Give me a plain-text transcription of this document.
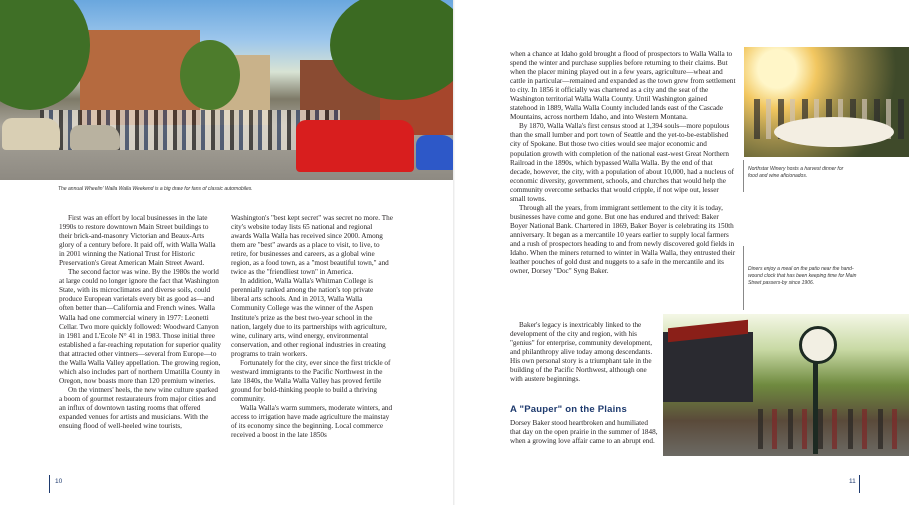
The annual Wheelin' Walla Walla Weekend is a big draw for fans of classic automobiles.

First was an effort by local businesses in the late 1990s to restore downtown Main Street buildings to their brick-and-masonry Victorian and Beaux-Arts glory of a century before. It paid off, with Walla Walla in 2001 winning the National Trust for Historic Preservation's Great American Main Street Award.

The second factor was wine. By the 1980s the world at large could no longer ignore the fact that Washington State, with its microclimates and diverse soils, could produce European varietals every bit as good as—and often better than—California and French wines. Walla Walla had one commercial winery in 1977: Leonetti Cellar. Two more quickly followed: Woodward Canyon in 1981 and L'Ecole N° 41 in 1983. Those initial three established a far-reaching reputation for superior quality that attracted other vintners—several from Europe—to the Walla Walla Valley appellation. The growing region, which also includes part of northern Umatilla County in Oregon, now boasts more than 120 premium wineries.

On the vintners' heels, the new wine culture sparked a boom of gourmet restaurateurs from major cities and an influx of downtown tasting rooms that offered expanded venues for artists and musicians. With the ensuing flood of well-heeled wine tourists,

Washington's "best kept secret" was secret no more. The city's website today lists 65 national and regional awards Walla Walla has received since 2000. Among them are "best" awards as a place to visit, to live, to retire, for businesses and careers, as a global wine region, as a food town, as a "most beautiful town," and twice as the "friendliest town" in America.

In addition, Walla Walla's Whitman College is perennially ranked among the nation's top private liberal arts schools. And in 2013, Walla Walla Community College was the winner of the Aspen Institute's prize as the best two-year school in the nation, largely due to its partnerships with agriculture, wine, culinary arts, wind energy, environmental conservation, and other regional industries in creating programs to train workers.

Fortunately for the city, ever since the first trickle of westward immigrants to the Pacific Northwest in the late 1840s, the Walla Walla Valley has proved fertile ground for bold-thinking people to build a thriving community.

Walla Walla's warm summers, moderate winters, and access to irrigation have made agriculture the mainstay of its economy since the beginning. Local commerce received a boost in the late 1850s

10

when a chance at Idaho gold brought a flood of prospectors to Walla Walla to spend the winter and purchase supplies before returning to their claims. But when the placer mining played out in a few years, agriculture—wheat and cattle in particular—remained and expanded as the town grew from settlement to city. In 1856 it officially was chartered as a city and the seat of the Washington territorial Walla Walla County. Until Washington gained statehood in 1889, Walla Walla County included lands east of the Cascade Mountains, across northern Idaho, and into Western Montana.

By 1870, Walla Walla's first census stood at 1,394 souls—more populous than the small lumber and port town of Seattle and the yet-to-be-established city of Spokane. But those two cities would see major economic and population growth with completion of the national east-west Great Northern Railroad in the 1890s, which bypassed Walla Walla. By the end of that decade, however, the city, with a population of about 10,000, had a nucleus of economic diversity, government, schools, and churches that would help the community overcome setbacks that would cripple, if not wipe out, lesser small towns.

Through all the years, from immigrant settlement to the city it is today, businesses have come and gone. But one has endured and thrived: Baker Boyer National Bank. Chartered in 1869, Baker Boyer is celebrating its 150th anniversary. It began as a mercantile 10 years earlier to supply local farmers and a rush of prospectors heading to and from newly discovered gold fields in Idaho. When the miners returned to winter in Walla Walla, they entrusted their leather pouches of gold dust and nuggets to a safe in the mercantile and its owner, Dorsey "Doc" Syng Baker.

Northstar Winery hosts a harvest dinner for food and wine aficionados.
Diners enjoy a meal on the patio near the hand-wound clock that has been keeping time for Main Street passers-by since 1906.

Baker's legacy is inextricably linked to the development of the city and region, with his "genius" for enterprise, community development, and philanthropy alive today among descendants. His own personal story is a triumphant tale in the building of the Pacific Northwest, although one with austere beginnings.

A "Pauper" on the Plains

Dorsey Baker stood heartbroken and humiliated that day on the open prairie in the summer of 1848, when a growing love affair came to an abrupt end.

11
